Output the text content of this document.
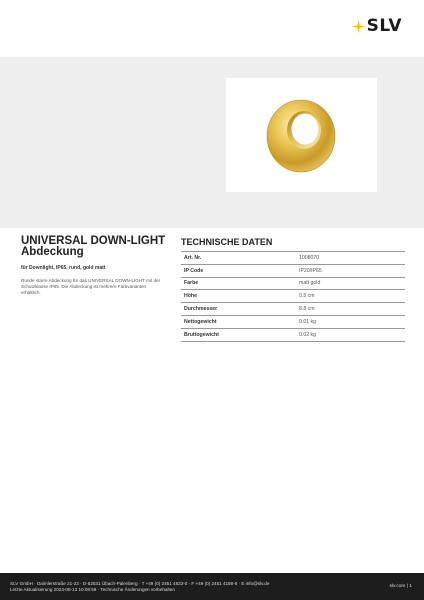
SLV
UNIVERSAL DOWN-LIGHT Abdeckung

für Downlight, IP65, rund, gold matt

Runde starre Abdeckung für das UNIVERSAL DOWN-LIGHT mit der Schutzklasse IP65. Die Abdeckung ist mehrere Farbvarianten erhältlich.

TECHNISCHE DATEN
Art. Nr.	1008070
IP Code	IP20/IP65
Farbe	matt gold
Höhe	0.5 cm
Durchmesser	8.8 cm
Nettogewicht	0.01 kg
Bruttogewicht	0.02 kg
SLV GmbH · Daimlerstraße 21-23 · D-52531 Übach-Palenberg · T +49 (0) 2451 4833-0 · F +49 (0) 2451 4188-8 · E info@slv.de
Letzte Aktualisierung 2024-08-13 10:08:59 · Technische Änderungen vorbehalten
slv.com | 1
